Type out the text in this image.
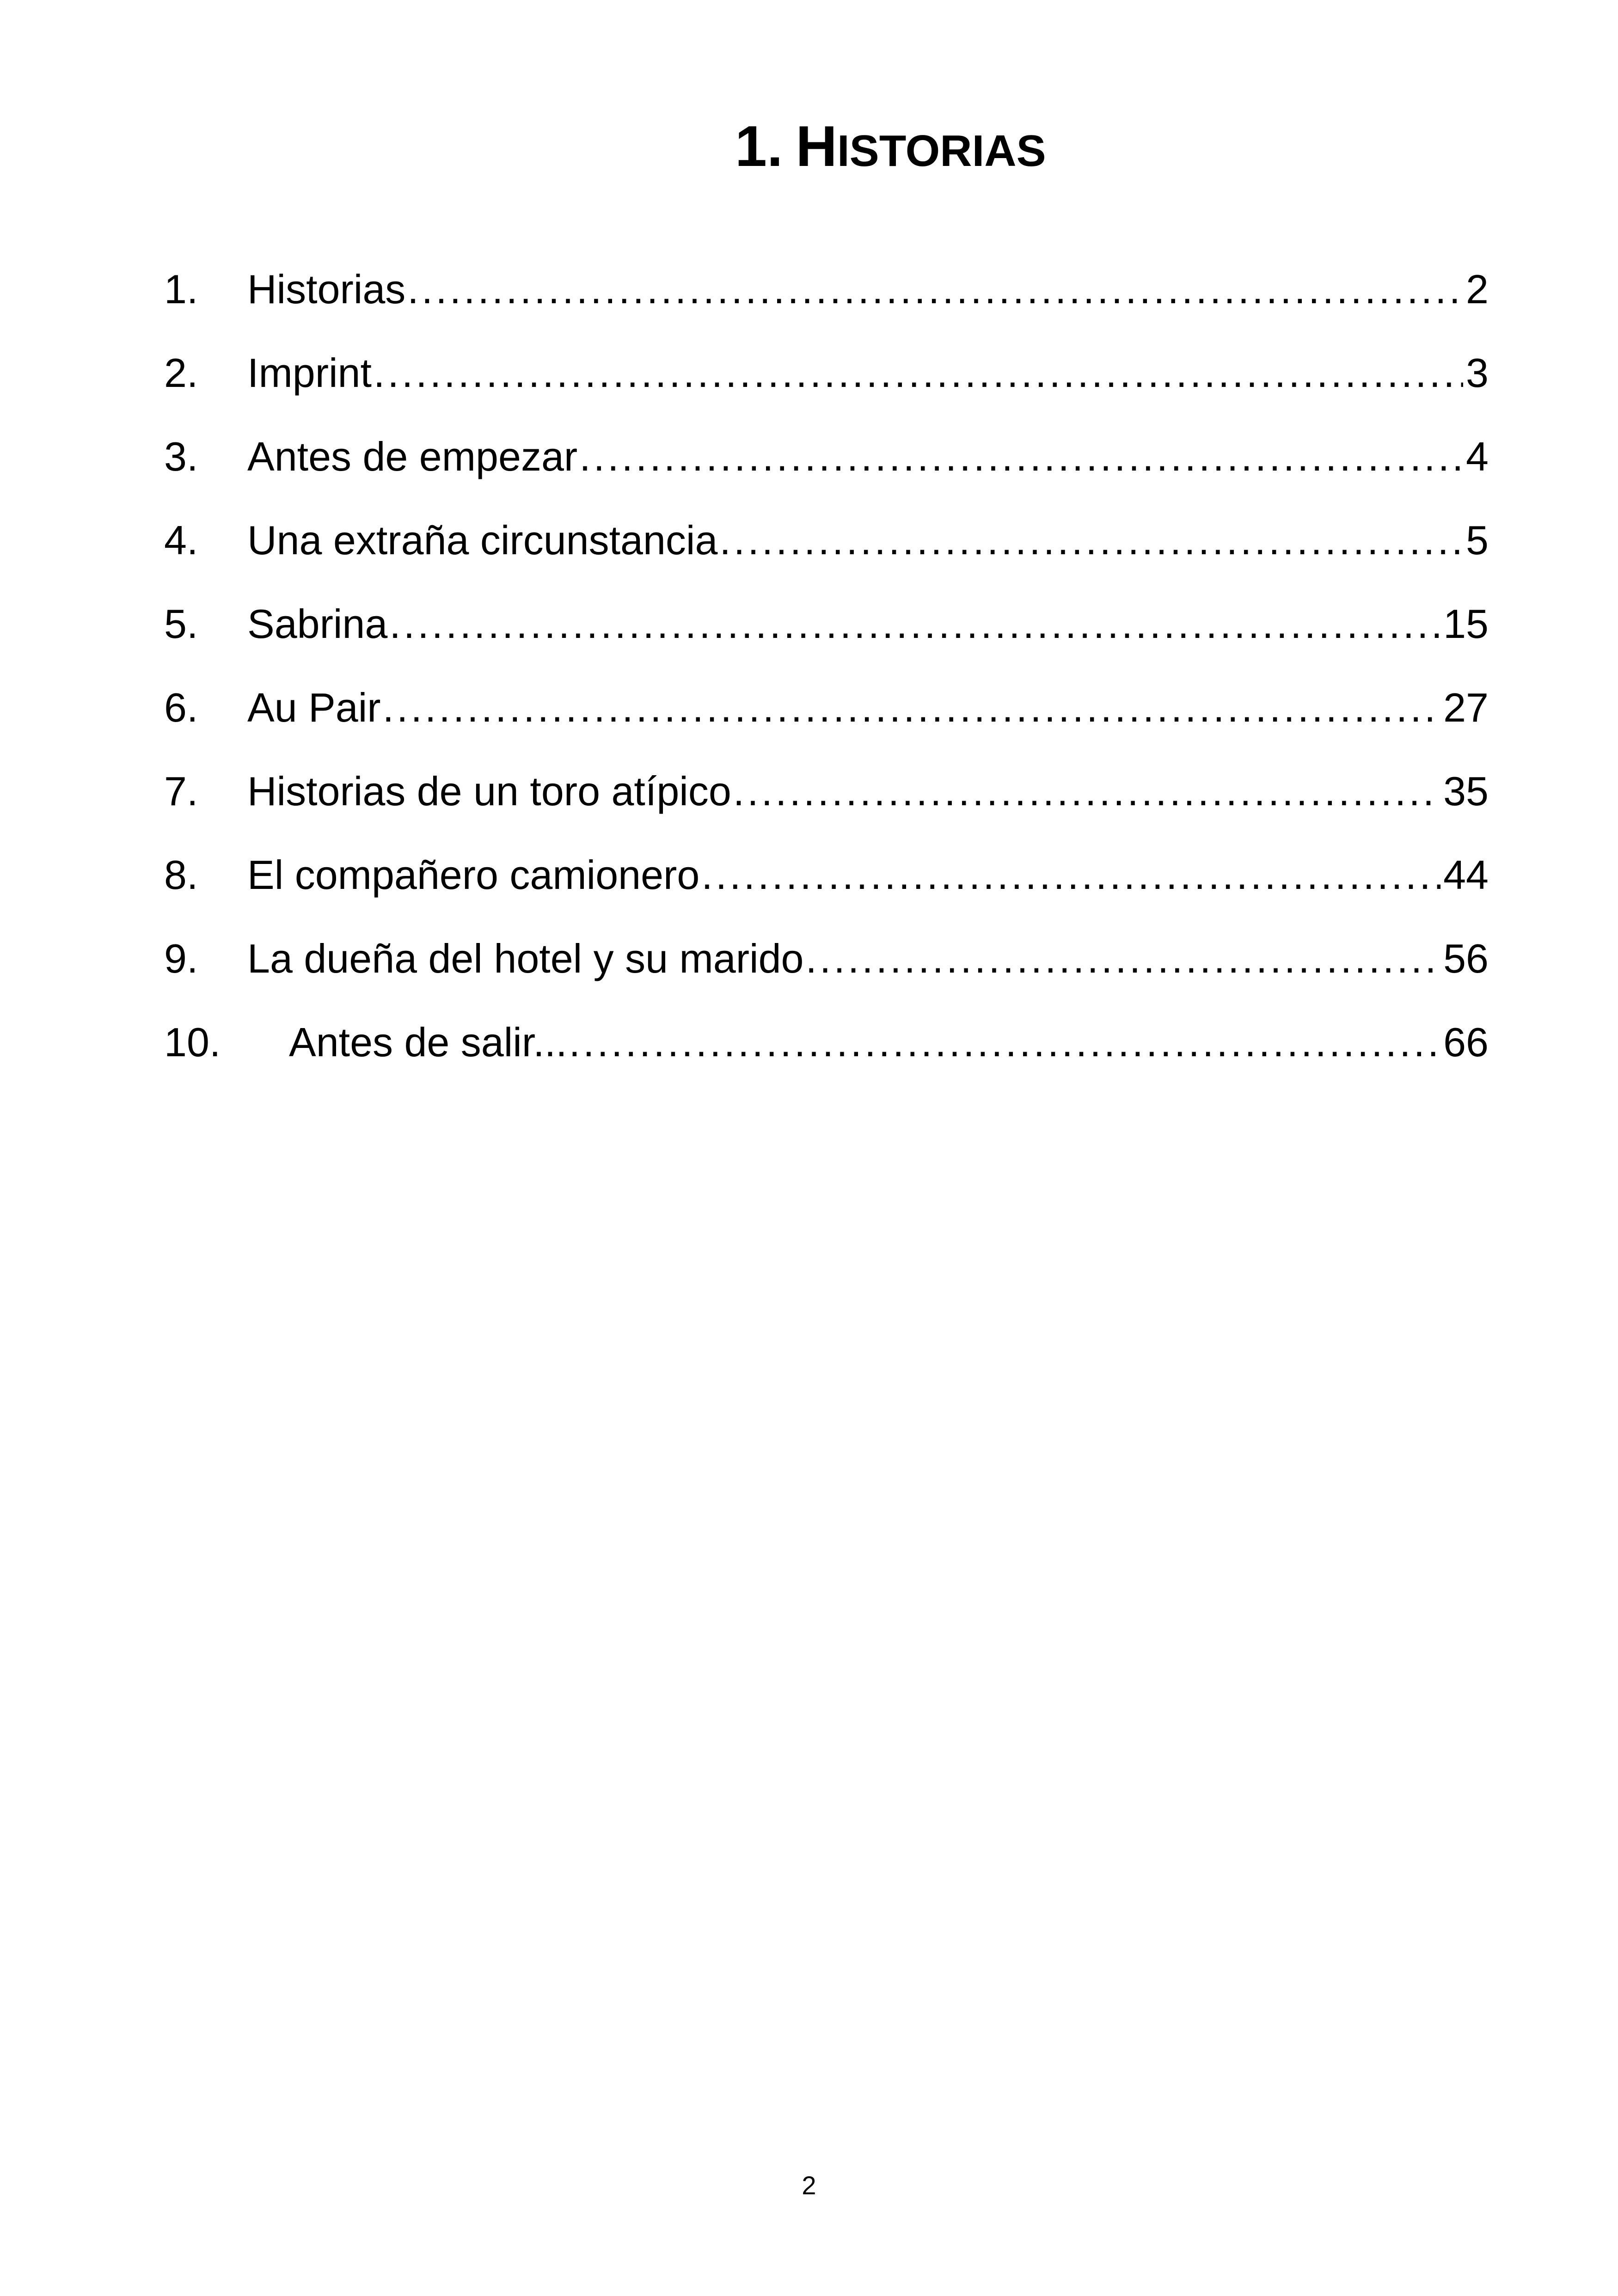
1. HISTORIAS
1.	Historias .....	2
2.	Imprint .....	3
3.	Antes de empezar .....	4
4.	Una extraña circunstancia .....	5
5.	Sabrina .....	15
6.	Au Pair .....	27
7.	Historias de un toro atípico .....	35
8.	El compañero camionero .....	44
9.	La dueña del hotel y su marido .....	56
10.	Antes de salir... .....	66
2
